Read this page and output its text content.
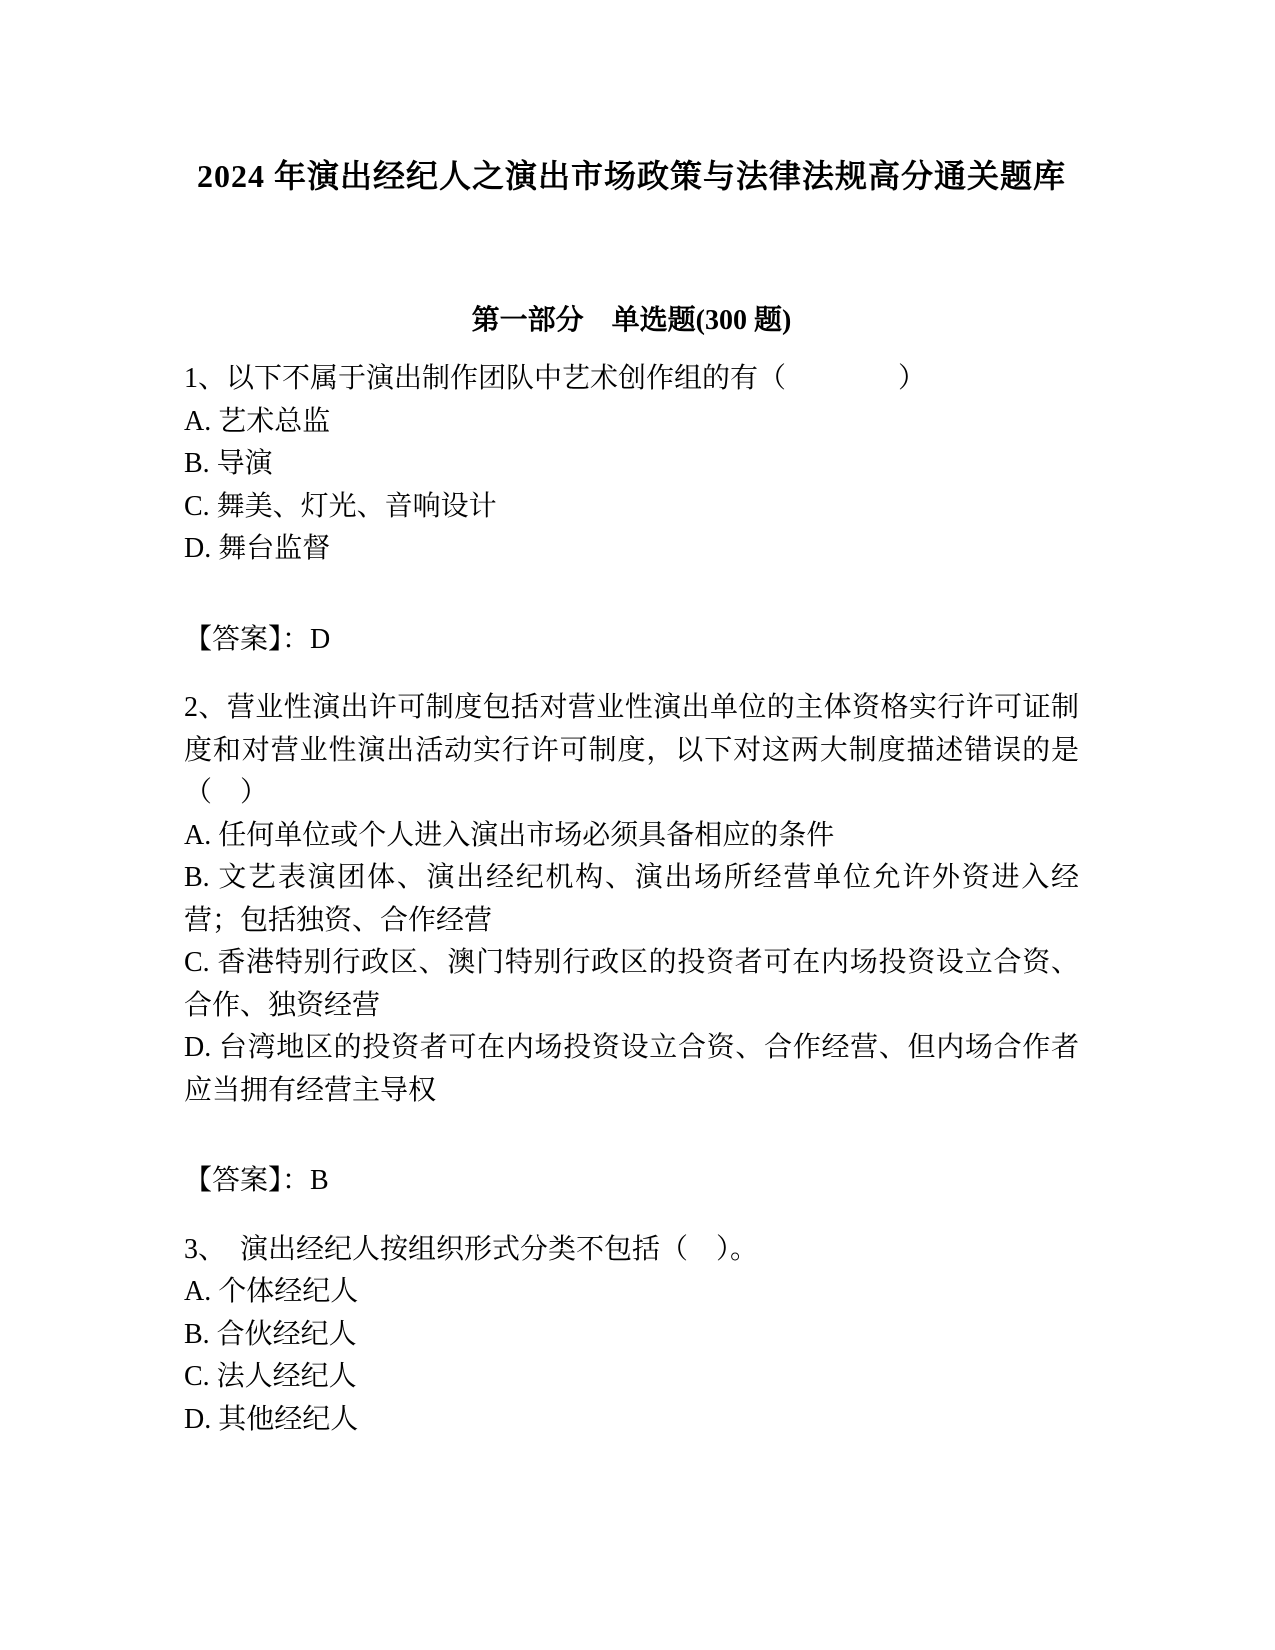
2024 年演出经纪人之演出市场政策与法律法规高分通关题库
第一部分　单选题(300 题)

1、以下不属于演出制作团队中艺术创作组的有（　　　　）

A. 艺术总监

B. 导演

C. 舞美、灯光、音响设计

D. 舞台监督

【答案】：D

2、营业性演出许可制度包括对营业性演出单位的主体资格实行许可证制度和对营业性演出活动实行许可制度，以下对这两大制度描述错误的是（　）

A. 任何单位或个人进入演出市场必须具备相应的条件

B. 文艺表演团体、演出经纪机构、演出场所经营单位允许外资进入经营；包括独资、合作经营

C. 香港特别行政区、澳门特别行政区的投资者可在内场投资设立合资、合作、独资经营

D. 台湾地区的投资者可在内场投资设立合资、合作经营、但内场合作者应当拥有经营主导权

【答案】：B

3、　演出经纪人按组织形式分类不包括（　）。

A. 个体经纪人

B. 合伙经纪人

C. 法人经纪人

D. 其他经纪人
